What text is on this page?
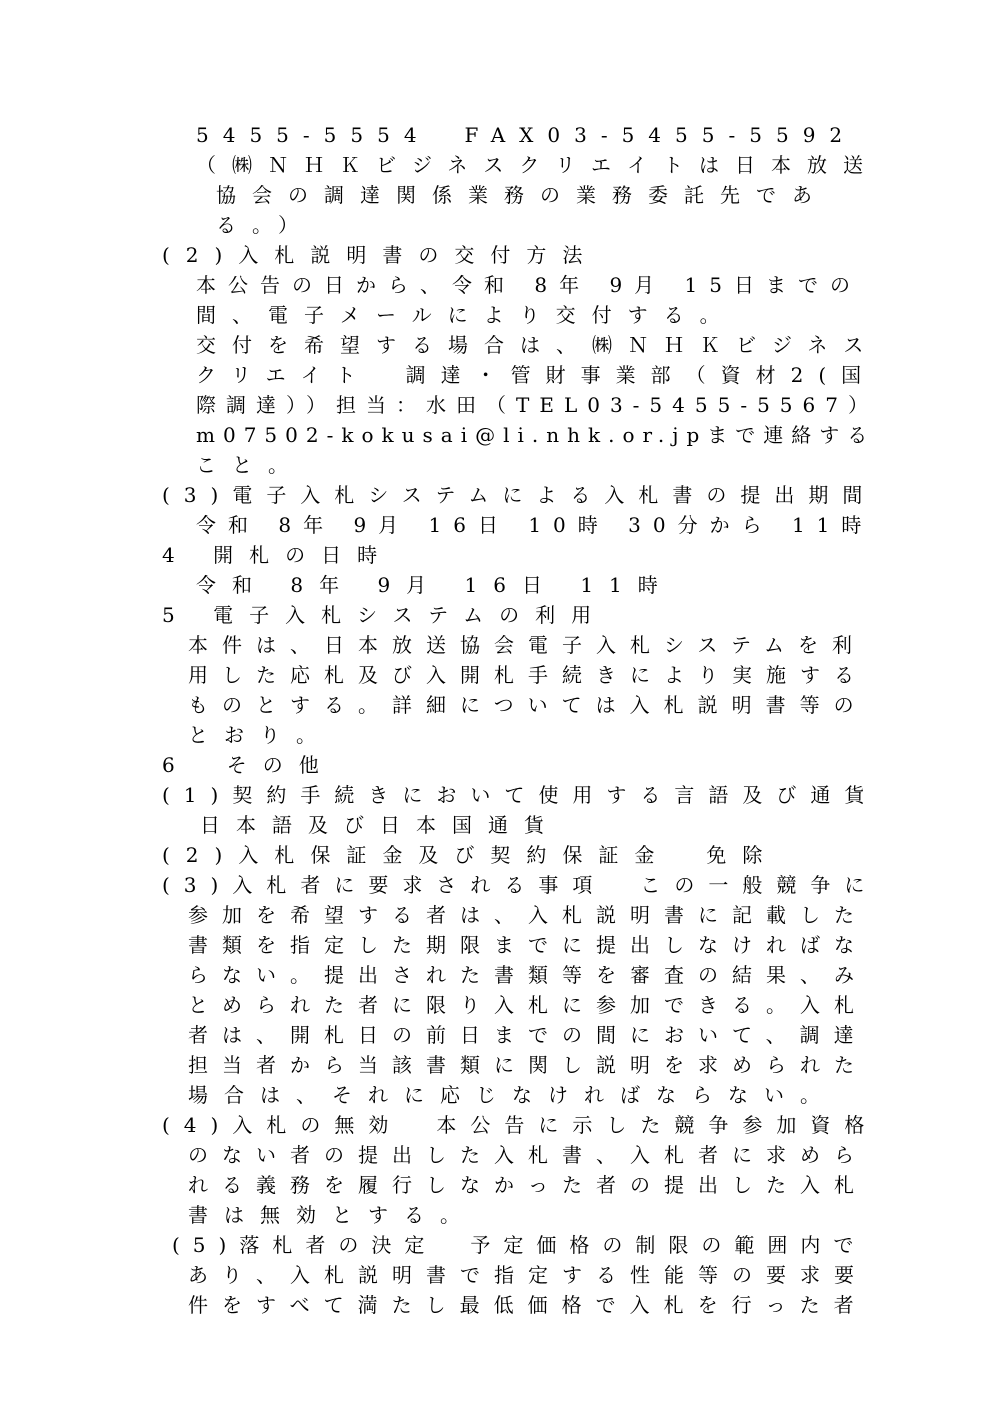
5455-5554　FAX03-5455-5592
（㈱ＮＨＫビジネスクリエイトは日本放送
協会の調達関係業務の業務委託先であ
る。）
(2)入札説明書の交付方法
本公告の日から、令和 8年 9月 15日までの
間、電子メールにより交付する。
交付を希望する場合は、㈱ＮＨＫビジネス
クリエイト　調達・管財事業部（資材2(国
際調達））担当：水田（TEL03-5455-5567）
m07502-kokusai@li.nhk.or.jpまで連絡する
こと。
(3)電子入札システムによる入札書の提出期間
令和 8年 9月 16日 10時 30分から 11時
4 開札の日時
令和 8年 9月 16日 11時
5 電子入札システムの利用
本件は、日本放送協会電子入札システムを利
用した応札及び入開札手続きにより実施する
ものとする。詳細については入札説明書等の
とおり。
6　その他
(1)契約手続きにおいて使用する言語及び通貨
日本語及び日本国通貨
(2)入札保証金及び契約保証金　免除
(3)入札者に要求される事項　この一般競争に
参加を希望する者は、入札説明書に記載した
書類を指定した期限までに提出しなければな
らない。提出された書類等を審査の結果、み
とめられた者に限り入札に参加できる。入札
者は、開札日の前日までの間において、調達
担当者から当該書類に関し説明を求められた
場合は、それに応じなければならない。
(4)入札の無効　本公告に示した競争参加資格
のない者の提出した入札書、入札者に求めら
れる義務を履行しなかった者の提出した入札
書は無効とする。
(5)落札者の決定　予定価格の制限の範囲内で
あり、入札説明書で指定する性能等の要求要
件をすべて満たし最低価格で入札を行った者
